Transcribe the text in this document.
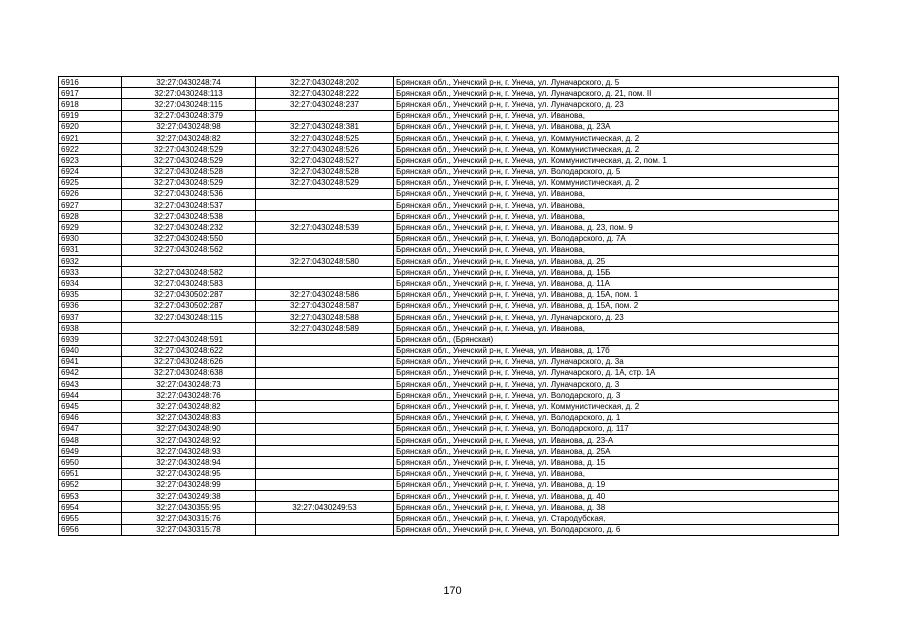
6916	32:27:0430248:74	32:27:0430248:202	Брянская обл., Унечский р-н, г. Унеча, ул. Луначарского, д. 5
6917	32:27:0430248:113	32:27:0430248:222	Брянская обл., Унечский р-н, г. Унеча, ул. Луначарского, д. 21, пом. II
6918	32:27:0430248:115	32:27:0430248:237	Брянская обл., Унечский р-н, г. Унеча, ул. Луначарского, д. 23
6919	32:27:0430248:379		Брянская обл., Унечский р-н, г. Унеча, ул. Иванова,
6920	32:27:0430248:98	32:27:0430248:381	Брянская обл., Унечский р-н, г. Унеча, ул. Иванова, д. 23А
6921	32:27:0430248:82	32:27:0430248:525	Брянская обл., Унечский р-н, г. Унеча, ул. Коммунистическая, д. 2
6922	32:27:0430248:529	32:27:0430248:526	Брянская обл., Унечский р-н, г. Унеча, ул. Коммунистическая, д. 2
6923	32:27:0430248:529	32:27:0430248:527	Брянская обл., Унечский р-н, г. Унеча, ул. Коммунистическая, д. 2, пом. 1
6924	32:27:0430248:528	32:27:0430248:528	Брянская обл., Унечский р-н, г. Унеча, ул. Володарского, д. 5
6925	32:27:0430248:529	32:27:0430248:529	Брянская обл., Унечский р-н, г. Унеча, ул. Коммунистическая, д. 2
6926	32:27:0430248:536		Брянская обл., Унечский р-н, г. Унеча, ул. Иванова,
6927	32:27:0430248:537		Брянская обл., Унечский р-н, г. Унеча, ул. Иванова,
6928	32:27:0430248:538		Брянская обл., Унечский р-н, г. Унеча, ул. Иванова,
6929	32:27:0430248:232	32:27:0430248:539	Брянская обл., Унечский р-н, г. Унеча, ул. Иванова, д. 23, пом. 9
6930	32:27:0430248:550		Брянская обл., Унечский р-н, г. Унеча, ул. Володарского, д. 7А
6931	32:27:0430248:562		Брянская обл., Унечский р-н, г. Унеча, ул. Иванова,
6932		32:27:0430248:580	Брянская обл., Унечский р-н, г. Унеча, ул. Иванова, д. 25
6933	32:27:0430248:582		Брянская обл., Унечский р-н, г. Унеча, ул. Иванова, д. 15Б
6934	32:27:0430248:583		Брянская обл., Унечский р-н, г. Унеча, ул. Иванова, д. 11А
6935	32:27:0430502:287	32:27:0430248:586	Брянская обл., Унечский р-н, г. Унеча, ул. Иванова, д. 15А, пом. 1
6936	32:27:0430502:287	32:27:0430248:587	Брянская обл., Унечский р-н, г. Унеча, ул. Иванова, д. 15А, пом. 2
6937	32:27:0430248:115	32:27:0430248:588	Брянская обл., Унечский р-н, г. Унеча, ул. Луначарского, д. 23
6938		32:27:0430248:589	Брянская обл., Унечский р-н, г. Унеча, ул. Иванова,
6939	32:27:0430248:591		Брянская обл., (Брянская)
6940	32:27:0430248:622		Брянская обл., Унечский р-н, г. Унеча, ул. Иванова, д. 17б
6941	32:27:0430248:626		Брянская обл., Унечский р-н, г. Унеча, ул. Луначарского, д. 3а
6942	32:27:0430248:638		Брянская обл., Унечский р-н, г. Унеча, ул. Луначарского, д. 1А, стр. 1А
6943	32:27:0430248:73		Брянская обл., Унечский р-н, г. Унеча, ул. Луначарского, д. 3
6944	32:27:0430248:76		Брянская обл., Унечский р-н, г. Унеча, ул. Володарского, д. 3
6945	32:27:0430248:82		Брянская обл., Унечский р-н, г. Унеча, ул. Коммунистическая, д. 2
6946	32:27:0430248:83		Брянская обл., Унечский р-н, г. Унеча, ул. Володарского, д. 1
6947	32:27:0430248:90		Брянская обл., Унечский р-н, г. Унеча, ул. Володарского, д. 117
6948	32:27:0430248:92		Брянская обл., Унечский р-н, г. Унеча, ул. Иванова, д. 23-А
6949	32:27:0430248:93		Брянская обл., Унечский р-н, г. Унеча, ул. Иванова, д. 25А
6950	32:27:0430248:94		Брянская обл., Унечский р-н, г. Унеча, ул. Иванова, д. 15
6951	32:27:0430248:95		Брянская обл., Унечский р-н, г. Унеча, ул. Иванова,
6952	32:27:0430248:99		Брянская обл., Унечский р-н, г. Унеча, ул. Иванова, д. 19
6953	32:27:0430249:38		Брянская обл., Унечский р-н, г. Унеча, ул. Иванова, д. 40
6954	32:27:0430355:95	32:27:0430249:53	Брянская обл., Унечский р-н, г. Унеча, ул. Иванова, д. 38
6955	32:27:0430315:76		Брянская обл., Унечский р-н, г. Унеча, ул. Стародубская,
6956	32:27:0430315:78		Брянская обл., Унечский р-н, г. Унеча, ул. Володарского, д. 6
170
